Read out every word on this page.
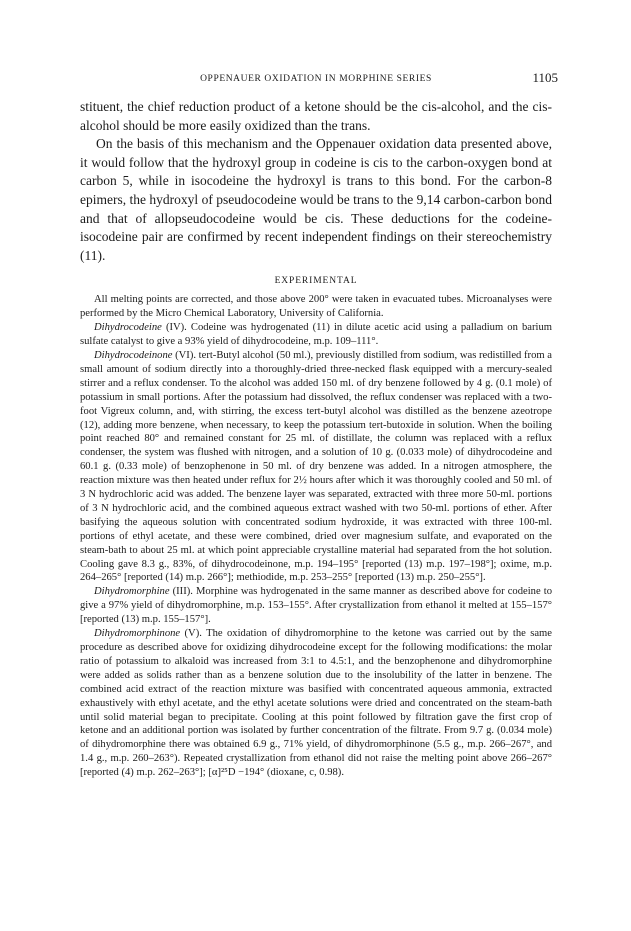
OPPENAUER OXIDATION IN MORPHINE SERIES	1105

stituent, the chief reduction product of a ketone should be the cis-alcohol, and the cis-alcohol should be more easily oxidized than the trans.

On the basis of this mechanism and the Oppenauer oxidation data presented above, it would follow that the hydroxyl group in codeine is cis to the carbon-oxygen bond at carbon 5, while in isocodeine the hydroxyl is trans to this bond. For the carbon-8 epimers, the hydroxyl of pseudocodeine would be trans to the 9,14 carbon-carbon bond and that of allopseudocodeine would be cis. These deductions for the codeine-isocodeine pair are confirmed by recent independent findings on their stereochemistry (11).

EXPERIMENTAL

All melting points are corrected, and those above 200° were taken in evacuated tubes. Microanalyses were performed by the Micro Chemical Laboratory, University of California.

Dihydrocodeine (IV). Codeine was hydrogenated (11) in dilute acetic acid using a palladium on barium sulfate catalyst to give a 93% yield of dihydrocodeine, m.p. 109–111°.

Dihydrocodeinone (VI). tert-Butyl alcohol (50 ml.), previously distilled from sodium, was redistilled from a small amount of sodium directly into a thoroughly-dried three-necked flask equipped with a mercury-sealed stirrer and a reflux condenser. To the alcohol was added 150 ml. of dry benzene followed by 4 g. (0.1 mole) of potassium in small portions. After the potassium had dissolved, the reflux condenser was replaced with a two-foot Vigreux column, and, with stirring, the excess tert-butyl alcohol was distilled as the benzene azeotrope (12), adding more benzene, when necessary, to keep the potassium tert-butoxide in solution. When the boiling point reached 80° and remained constant for 25 ml. of distillate, the column was replaced with a reflux condenser, the system was flushed with nitrogen, and a solution of 10 g. (0.033 mole) of dihydrocodeine and 60.1 g. (0.33 mole) of benzophenone in 50 ml. of dry benzene was added. In a nitrogen atmosphere, the reaction mixture was then heated under reflux for 2½ hours after which it was thoroughly cooled and 50 ml. of 3 N hydrochloric acid was added. The benzene layer was separated, extracted with three more 50-ml. portions of 3 N hydrochloric acid, and the combined aqueous extract washed with two 50-ml. portions of ether. After basifying the aqueous solution with concentrated sodium hydroxide, it was extracted with three 100-ml. portions of ethyl acetate, and these were combined, dried over magnesium sulfate, and evaporated on the steam-bath to about 25 ml. at which point appreciable crystalline material had separated from the hot solution. Cooling gave 8.3 g., 83%, of dihydrocodeinone, m.p. 194–195° [reported (13) m.p. 197–198°]; oxime, m.p. 264–265° [reported (14) m.p. 266°]; methiodide, m.p. 253–255° [reported (13) m.p. 250–255°].

Dihydromorphine (III). Morphine was hydrogenated in the same manner as described above for codeine to give a 97% yield of dihydromorphine, m.p. 153–155°. After crystallization from ethanol it melted at 155–157° [reported (13) m.p. 155–157°].

Dihydromorphinone (V). The oxidation of dihydromorphine to the ketone was carried out by the same procedure as described above for oxidizing dihydrocodeine except for the following modifications: the molar ratio of potassium to alkaloid was increased from 3:1 to 4.5:1, and the benzophenone and dihydromorphine were added as solids rather than as a benzene solution due to the insolubility of the latter in benzene. The combined acid extract of the reaction mixture was basified with concentrated aqueous ammonia, extracted exhaustively with ethyl acetate, and the ethyl acetate solutions were dried and concentrated on the steam-bath until solid material began to precipitate. Cooling at this point followed by filtration gave the first crop of ketone and an additional portion was isolated by further concentration of the filtrate. From 9.7 g. (0.034 mole) of dihydromorphine there was obtained 6.9 g., 71% yield, of dihydromorphinone (5.5 g., m.p. 266–267°, and 1.4 g., m.p. 260–263°). Repeated crystallization from ethanol did not raise the melting point above 266–267° [reported (4) m.p. 262–263°]; [α]²⁵D −194° (dioxane, c, 0.98).
